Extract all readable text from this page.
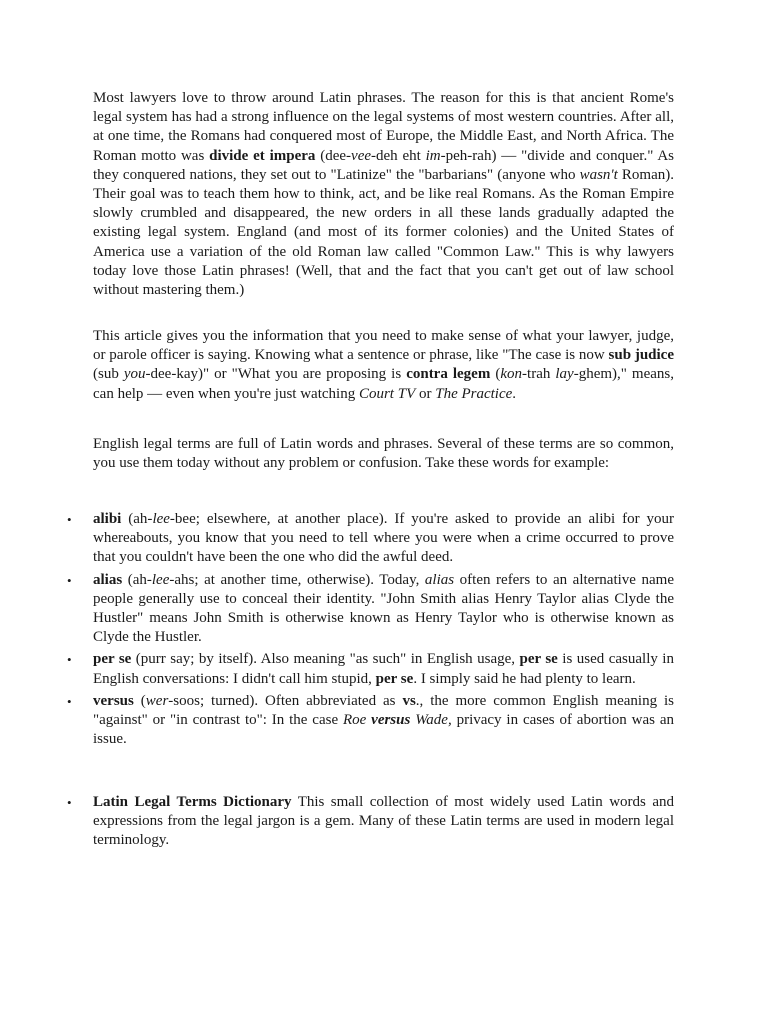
Most lawyers love to throw around Latin phrases. The reason for this is that ancient Rome's legal system has had a strong influence on the legal systems of most western countries. After all, at one time, the Romans had conquered most of Europe, the Middle East, and North Africa. The Roman motto was divide et impera (dee-vee-deh eht im-peh-rah) — "divide and conquer." As they conquered nations, they set out to "Latinize" the "barbarians" (anyone who wasn't Roman). Their goal was to teach them how to think, act, and be like real Romans. As the Roman Empire slowly crumbled and disappeared, the new orders in all these lands gradually adapted the existing legal system. England (and most of its former colonies) and the United States of America use a variation of the old Roman law called "Common Law." This is why lawyers today love those Latin phrases! (Well, that and the fact that you can't get out of law school without mastering them.)

This article gives you the information that you need to make sense of what your lawyer, judge, or parole officer is saying. Knowing what a sentence or phrase, like "The case is now sub judice (sub you-dee-kay)" or "What you are proposing is contra legem (kon-trah lay-ghem)," means, can help — even when you're just watching Court TV or The Practice.

English legal terms are full of Latin words and phrases. Several of these terms are so common, you use them today without any problem or confusion. Take these words for example:

• alibi (ah-lee-bee; elsewhere, at another place). If you're asked to provide an alibi for your whereabouts, you know that you need to tell where you were when a crime occurred to prove that you couldn't have been the one who did the awful deed.
• alias (ah-lee-ahs; at another time, otherwise). Today, alias often refers to an alternative name people generally use to conceal their identity. "John Smith alias Henry Taylor alias Clyde the Hustler" means John Smith is otherwise known as Henry Taylor who is otherwise known as Clyde the Hustler.
• per se (purr say; by itself). Also meaning "as such" in English usage, per se is used casually in English conversations: I didn't call him stupid, per se. I simply said he had plenty to learn.
• versus (wer-soos; turned). Often abbreviated as vs., the more common English meaning is "against" or "in contrast to": In the case Roe versus Wade, privacy in cases of abortion was an issue.
• Latin Legal Terms Dictionary This small collection of most widely used Latin words and expressions from the legal jargon is a gem. Many of these Latin terms are used in modern legal terminology.
